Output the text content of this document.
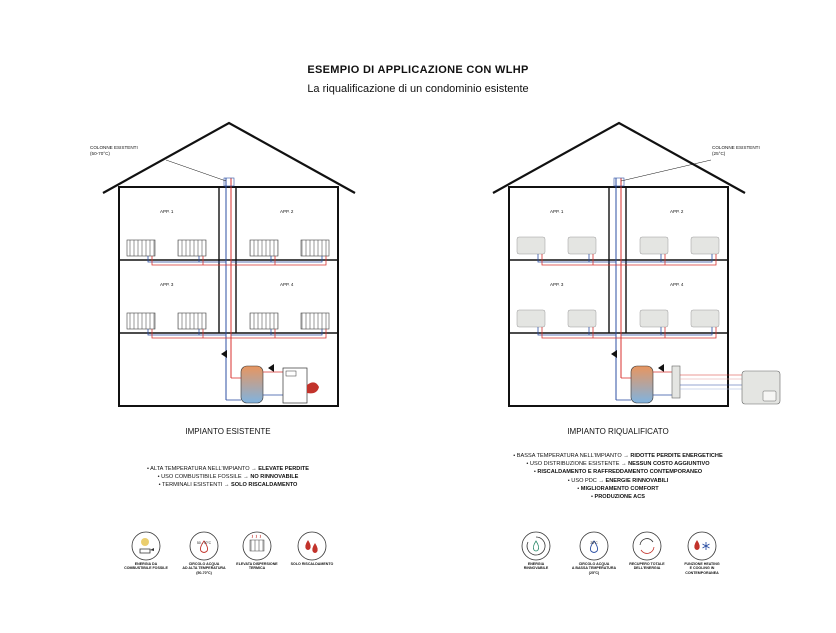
ESEMPIO DI APPLICAZIONE CON WLHP
La riqualificazione di un condominio esistente
COLONNE ESISTENTI
(50-70°C)
APP. 1	APP. 2
APP. 3	APP. 4
COLONNE ESISTENTI
(25°C)
APP. 1	APP. 2
APP. 3	APP. 4
IMPIANTO ESISTENTE	IMPIANTO RIQUALIFICATO
• ALTA TEMPERATURA NELL'IMPIANTO → ELEVATE PERDITE
• USO COMBUSTIBILE FOSSILE → NO RINNOVABILE
• TERMINALI ESISTENTI → SOLO RISCALDAMENTO
• BASSA TEMPERATURA NELL'IMPIANTO → RIDOTTE PERDITE ENERGETICHE
• USO DISTRIBUZIONE ESISTENTE → NESSUN COSTO AGGIUNTIVO
• RISCALDAMENTO E RAFFREDDAMENTO CONTEMPORANEO
• USO PDC → ENERGIE RINNOVABILI
• MIGLIORAMENTO COMFORT
• PRODUZIONE ACS
50 - 70°C
ENERGIA DA
COMBUSTIBILE FOSSILE
CIRCOLO ACQUA
AD ALTA TEMPERATURA
(50-70°C)
ELEVATA DISPERSIONE
TERMICA
SOLO RISCALDAMENTO
25°C
ENERGIA
RINNOVABILE
CIRCOLO ACQUA
A BASSA TEMPERATURA
(25°C)
RECUPERO TOTALE
DELL'ENERGIA
FUNZIONE HEATING
E COOLING IN
CONTEMPORANEA
